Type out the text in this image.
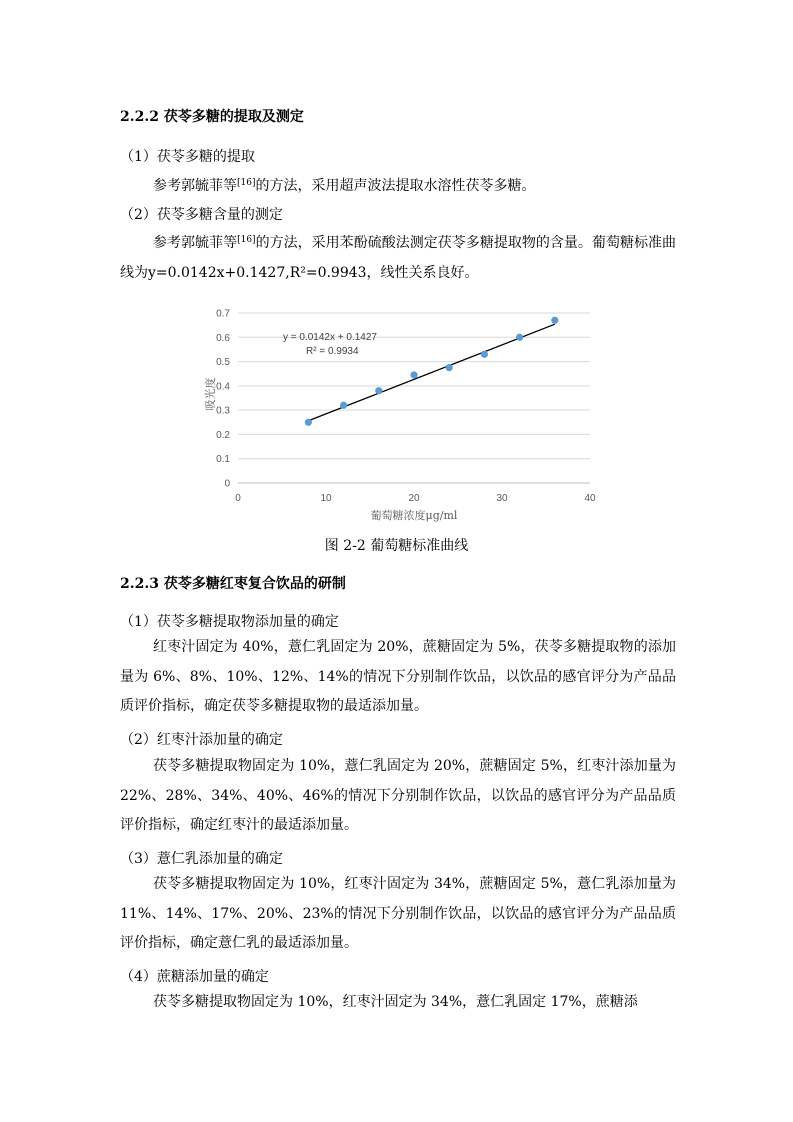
2.2.2 茯苓多糖的提取及测定
（1）茯苓多糖的提取
参考郭毓菲等[16]的方法，采用超声波法提取水溶性茯苓多糖。
（2）茯苓多糖含量的测定

参考郭毓菲等[16]的方法，采用苯酚硫酸法测定茯苓多糖提取物的含量。葡萄糖标准曲线为y=0.0142x+0.1427,R²=0.9943，线性关系良好。

0
0.1
0.2
0.3
0.4
0.5
0.6
0.7
0	10	20	30	40
y = 0.0142x + 0.1427
R² = 0.9934
吸光度
葡萄糖浓度μg/ml
图 2-2 葡萄糖标准曲线
2.2.3 茯苓多糖红枣复合饮品的研制
（1）茯苓多糖提取物添加量的确定

红枣汁固定为 40%，薏仁乳固定为 20%，蔗糖固定为 5%，茯苓多糖提取物的添加量为 6%、8%、10%、12%、14%的情况下分别制作饮品，以饮品的感官评分为产品品质评价指标，确定茯苓多糖提取物的最适添加量。

（2）红枣汁添加量的确定

茯苓多糖提取物固定为 10%，薏仁乳固定为 20%，蔗糖固定 5%，红枣汁添加量为 22%、28%、34%、40%、46%的情况下分别制作饮品，以饮品的感官评分为产品品质评价指标，确定红枣汁的最适添加量。

（3）薏仁乳添加量的确定

茯苓多糖提取物固定为 10%，红枣汁固定为 34%，蔗糖固定 5%，薏仁乳添加量为 11%、14%、17%、20%、23%的情况下分别制作饮品，以饮品的感官评分为产品品质评价指标，确定薏仁乳的最适添加量。

（4）蔗糖添加量的确定

茯苓多糖提取物固定为 10%，红枣汁固定为 34%，薏仁乳固定 17%，蔗糖添
